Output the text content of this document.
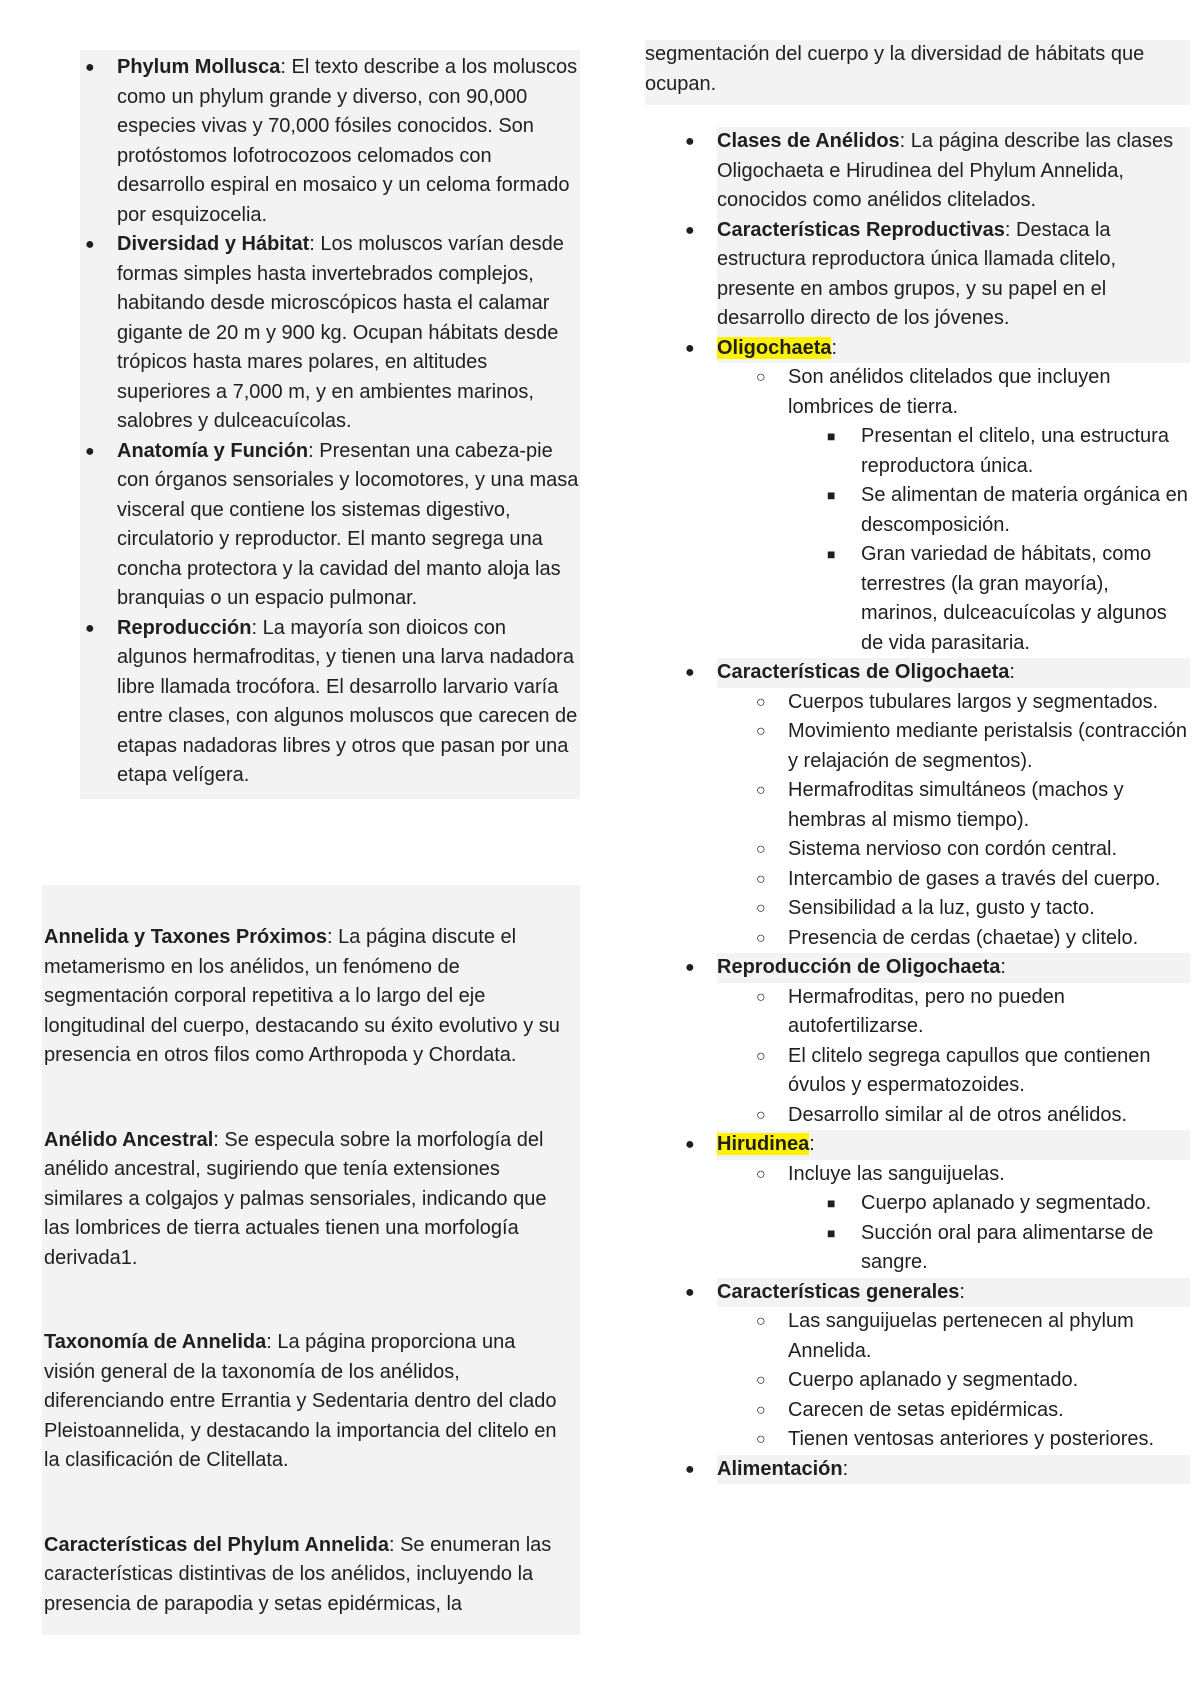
● Phylum Mollusca: El texto describe a los moluscos como un phylum grande y diverso, con 90,000 especies vivas y 70,000 fósiles conocidos. Son protóstomos lofotrocozoos celomados con desarrollo espiral en mosaico y un celoma formado por esquizocelia.
● Diversidad y Hábitat: Los moluscos varían desde formas simples hasta invertebrados complejos, habitando desde microscópicos hasta el calamar gigante de 20 m y 900 kg. Ocupan hábitats desde trópicos hasta mares polares, en altitudes superiores a 7,000 m, y en ambientes marinos, salobres y dulceacuícolas.
● Anatomía y Función: Presentan una cabeza-pie con órganos sensoriales y locomotores, y una masa visceral que contiene los sistemas digestivo, circulatorio y reproductor. El manto segrega una concha protectora y la cavidad del manto aloja las branquias o un espacio pulmonar.
● Reproducción: La mayoría son dioicos con algunos hermafroditas, y tienen una larva nadadora libre llamada trocófora. El desarrollo larvario varía entre clases, con algunos moluscos que carecen de etapas nadadoras libres y otros que pasan por una etapa velígera.

Annelida y Taxones Próximos: La página discute el metamerismo en los anélidos, un fenómeno de segmentación corporal repetitiva a lo largo del eje longitudinal del cuerpo, destacando su éxito evolutivo y su presencia en otros filos como Arthropoda y Chordata.

Anélido Ancestral: Se especula sobre la morfología del anélido ancestral, sugiriendo que tenía extensiones similares a colgajos y palmas sensoriales, indicando que las lombrices de tierra actuales tienen una morfología derivada1.

Taxonomía de Annelida: La página proporciona una visión general de la taxonomía de los anélidos, diferenciando entre Errantia y Sedentaria dentro del clado Pleistoannelida, y destacando la importancia del clitelo en la clasificación de Clitellata.

Características del Phylum Annelida: Se enumeran las características distintivas de los anélidos, incluyendo la presencia de parapodia y setas epidérmicas, la

segmentación del cuerpo y la diversidad de hábitats que ocupan.
● Clases de Anélidos: La página describe las clases Oligochaeta e Hirudinea del Phylum Annelida, conocidos como anélidos clitelados.
● Características Reproductivas: Destaca la estructura reproductora única llamada clitelo, presente en ambos grupos, y su papel en el desarrollo directo de los jóvenes.
● Oligochaeta:
○ Son anélidos clitelados que incluyen lombrices de tierra.
■ Presentan el clitelo, una estructura reproductora única.
■ Se alimentan de materia orgánica en descomposición.
■ Gran variedad de hábitats, como terrestres (la gran mayoría), marinos, dulceacuícolas y algunos de vida parasitaria.
● Características de Oligochaeta:
○ Cuerpos tubulares largos y segmentados.
○ Movimiento mediante peristalsis (contracción y relajación de segmentos).
○ Hermafroditas simultáneos (machos y hembras al mismo tiempo).
○ Sistema nervioso con cordón central.
○ Intercambio de gases a través del cuerpo.
○ Sensibilidad a la luz, gusto y tacto.
○ Presencia de cerdas (chaetae) y clitelo.
● Reproducción de Oligochaeta:
○ Hermafroditas, pero no pueden autofertilizarse.
○ El clitelo segrega capullos que contienen óvulos y espermatozoides.
○ Desarrollo similar al de otros anélidos.
● Hirudinea:
○ Incluye las sanguijuelas.
■ Cuerpo aplanado y segmentado.
■ Succión oral para alimentarse de sangre.
● Características generales:
○ Las sanguijuelas pertenecen al phylum Annelida.
○ Cuerpo aplanado y segmentado.
○ Carecen de setas epidérmicas.
○ Tienen ventosas anteriores y posteriores.
● Alimentación:
